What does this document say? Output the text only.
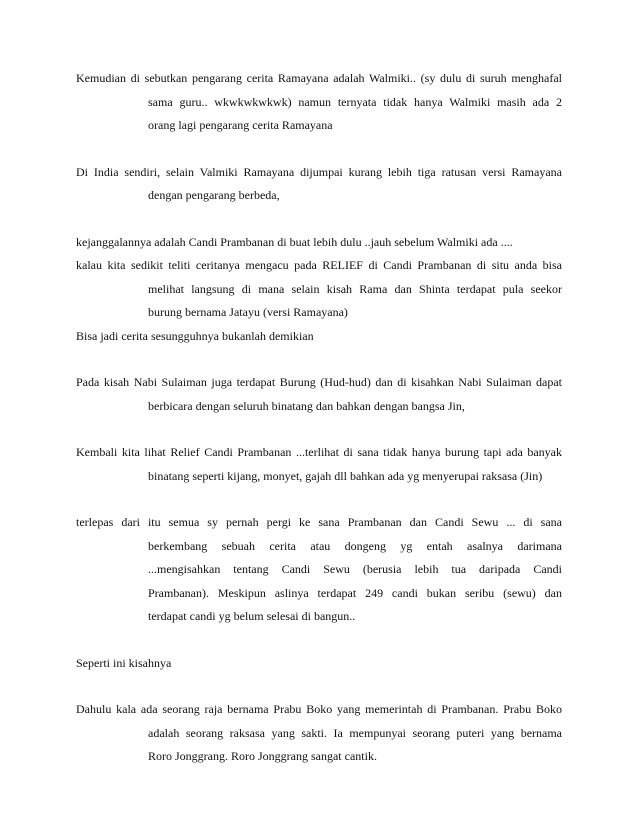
Kemudian di sebutkan pengarang cerita Ramayana adalah Walmiki.. (sy dulu di suruh menghafal
sama guru.. wkwkwkwkwk) namun ternyata tidak hanya Walmiki masih ada 2
orang lagi pengarang cerita Ramayana
Di India sendiri, selain Valmiki Ramayana dijumpai kurang lebih tiga ratusan versi Ramayana
dengan pengarang berbeda,
kejanggalannya adalah Candi Prambanan di buat lebih dulu ..jauh sebelum Walmiki ada ....
kalau kita sedikit teliti ceritanya mengacu pada RELIEF di Candi Prambanan di situ anda bisa
melihat langsung di mana selain kisah Rama dan Shinta terdapat pula seekor
burung bernama Jatayu (versi Ramayana)
Bisa jadi cerita sesungguhnya bukanlah demikian
Pada kisah Nabi Sulaiman juga terdapat Burung (Hud-hud) dan di kisahkan Nabi Sulaiman dapat
berbicara dengan seluruh binatang dan bahkan dengan bangsa Jin,
Kembali kita lihat Relief Candi Prambanan ...terlihat di sana tidak hanya burung tapi ada banyak
binatang seperti kijang, monyet, gajah dll bahkan ada yg menyerupai raksasa (Jin)
terlepas dari itu semua sy pernah pergi ke sana Prambanan dan Candi Sewu ... di sana
berkembang sebuah cerita atau dongeng yg entah asalnya darimana
...mengisahkan tentang Candi Sewu (berusia lebih tua daripada Candi
Prambanan). Meskipun aslinya terdapat 249 candi bukan seribu (sewu) dan
terdapat candi yg belum selesai di bangun..
Seperti ini kisahnya
Dahulu kala ada seorang raja bernama Prabu Boko yang memerintah di Prambanan. Prabu Boko
adalah seorang raksasa yang sakti. Ia mempunyai seorang puteri yang bernama
Roro Jonggrang. Roro Jonggrang sangat cantik.
